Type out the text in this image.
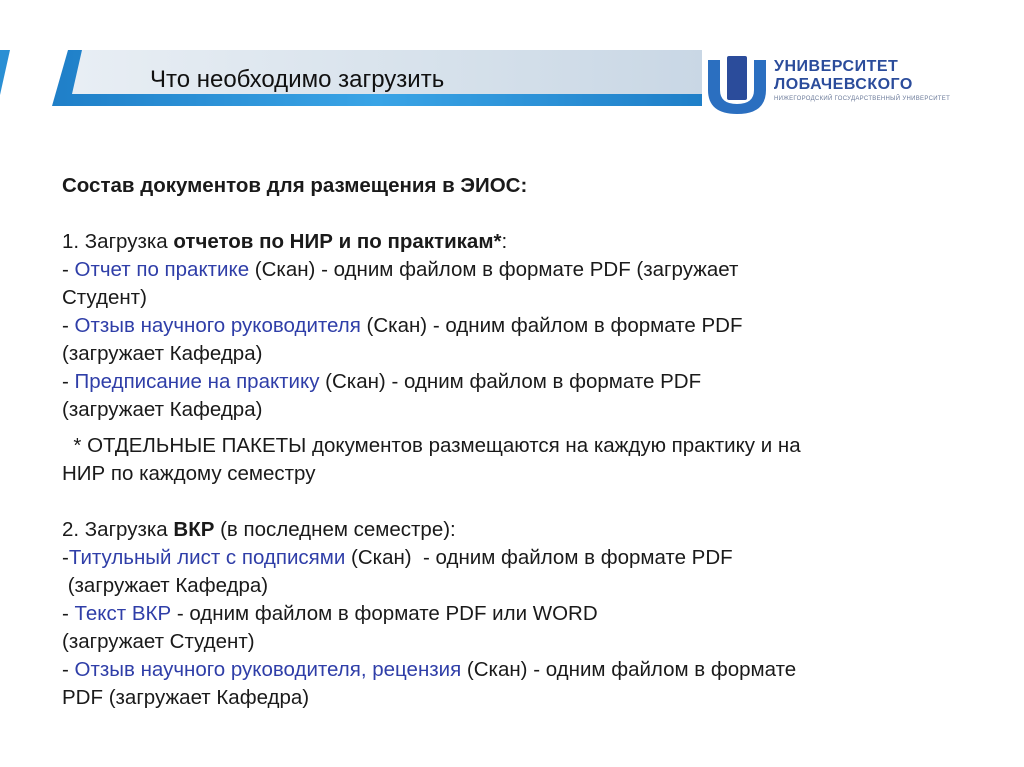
Что необходимо загрузить	УНИВЕРСИТЕТ
ЛОБАЧЕВСКОГО
НИЖЕГОРОДСКИЙ ГОСУДАРСТВЕННЫЙ УНИВЕРСИТЕТ
Состав документов для размещения в ЭИОС:
1. Загрузка отчетов по НИР и по практикам*:
- Отчет по практике (Скан) - одним файлом в формате PDF (загружает
Студент)
- Отзыв научного руководителя (Скан) - одним файлом в формате PDF
(загружает Кафедра)
- Предписание на практику (Скан) - одним файлом в формате PDF
(загружает Кафедра)
* ОТДЕЛЬНЫЕ ПАКЕТЫ документов размещаются на каждую практику и на
НИР по каждому семестру
2. Загрузка ВКР (в последнем семестре):
-Титульный лист с подписями (Скан)  - одним файлом в формате PDF
(загружает Кафедра)
- Текст ВКР - одним файлом в формате PDF или WORD
(загружает Студент)
- Отзыв научного руководителя, рецензия (Скан) - одним файлом в формате
PDF (загружает Кафедра)
